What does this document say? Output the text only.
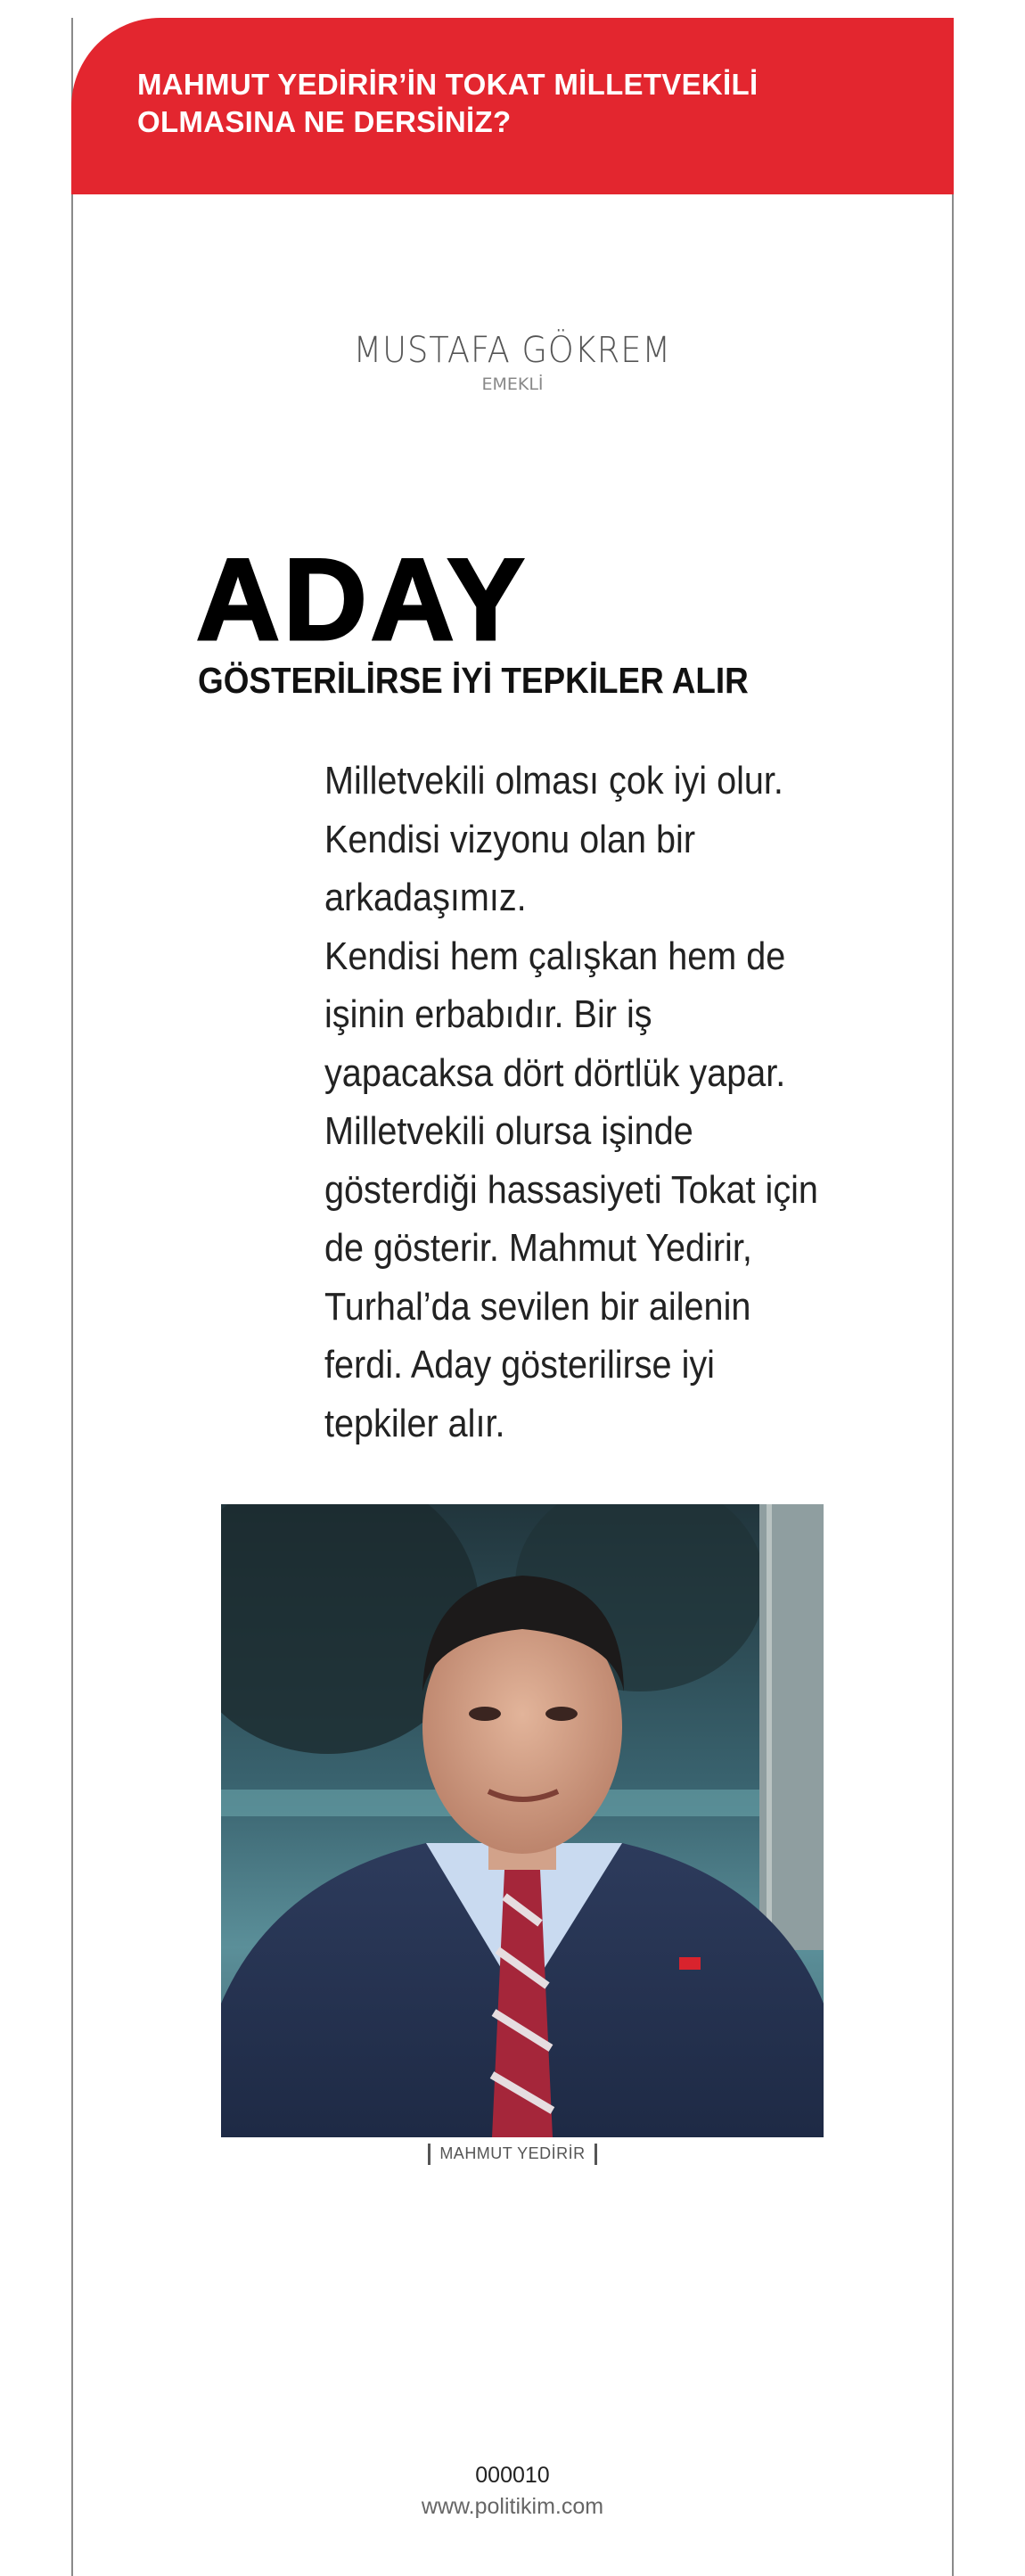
MAHMUT YEDİRİR’İN TOKAT MİLLETVEKİLİ OLMASINA NE DERSİNİZ?
MUSTAFA GÖKREM
EMEKLİ
ADAY
GÖSTERİLİRSE İYİ TEPKİLER ALIR

Milletvekili olması çok iyi olur.

Kendisi vizyonu olan bir

arkadaşımız.

Kendisi hem çalışkan hem de

işinin erbabıdır. Bir iş

yapacaksa dört dörtlük yapar.

Milletvekili olursa işinde

gösterdiği hassasiyeti Tokat için

de gösterir. Mahmut Yedirir,

Turhal’da sevilen bir ailenin

ferdi. Aday gösterilirse iyi

tepkiler alır.

MAHMUT YEDİRİR
000010
www.politikim.com
